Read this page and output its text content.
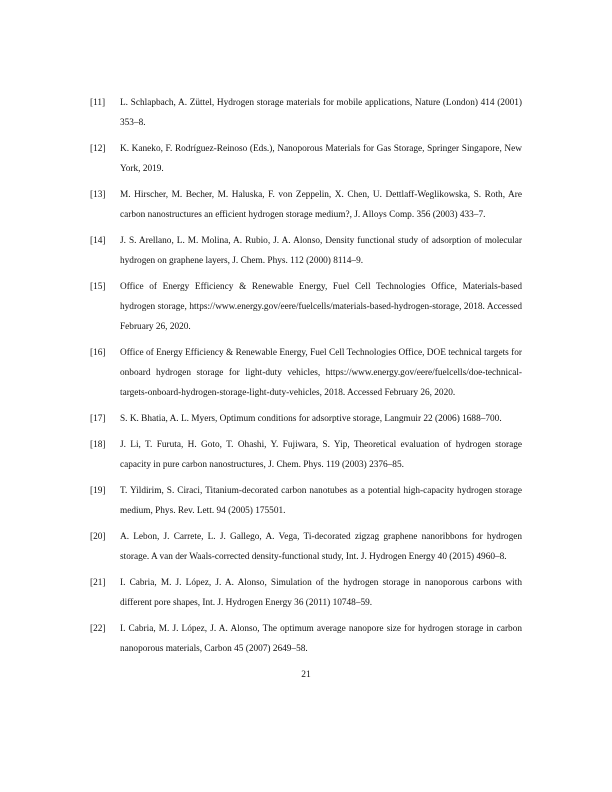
[11] L. Schlapbach, A. Züttel, Hydrogen storage materials for mobile applications, Nature (London) 414 (2001) 353–8.
[12] K. Kaneko, F. Rodríguez-Reinoso (Eds.), Nanoporous Materials for Gas Storage, Springer Singapore, New York, 2019.
[13] M. Hirscher, M. Becher, M. Haluska, F. von Zeppelin, X. Chen, U. Dettlaff-Weglikowska, S. Roth, Are carbon nanostructures an efficient hydrogen storage medium?, J. Alloys Comp. 356 (2003) 433–7.
[14] J. S. Arellano, L. M. Molina, A. Rubio, J. A. Alonso, Density functional study of adsorption of molecular hydrogen on graphene layers, J. Chem. Phys. 112 (2000) 8114–9.
[15] Office of Energy Efficiency & Renewable Energy, Fuel Cell Technologies Office, Materials-based hydrogen storage, https://www.energy.gov/eere/fuelcells/materials-based-hydrogen-storage, 2018. Accessed February 26, 2020.
[16] Office of Energy Efficiency & Renewable Energy, Fuel Cell Technologies Office, DOE technical targets for onboard hydrogen storage for light-duty vehicles, https://www.energy.gov/eere/fuelcells/doe-technical-targets-onboard-hydrogen-storage-light-duty-vehicles, 2018. Accessed February 26, 2020.
[17] S. K. Bhatia, A. L. Myers, Optimum conditions for adsorptive storage, Langmuir 22 (2006) 1688–700.
[18] J. Li, T. Furuta, H. Goto, T. Ohashi, Y. Fujiwara, S. Yip, Theoretical evaluation of hydrogen storage capacity in pure carbon nanostructures, J. Chem. Phys. 119 (2003) 2376–85.
[19] T. Yildirim, S. Ciraci, Titanium-decorated carbon nanotubes as a potential high-capacity hydrogen storage medium, Phys. Rev. Lett. 94 (2005) 175501.
[20] A. Lebon, J. Carrete, L. J. Gallego, A. Vega, Ti-decorated zigzag graphene nanoribbons for hydrogen storage. A van der Waals-corrected density-functional study, Int. J. Hydrogen Energy 40 (2015) 4960–8.
[21] I. Cabria, M. J. López, J. A. Alonso, Simulation of the hydrogen storage in nanoporous carbons with different pore shapes, Int. J. Hydrogen Energy 36 (2011) 10748–59.
[22] I. Cabria, M. J. López, J. A. Alonso, The optimum average nanopore size for hydrogen storage in carbon nanoporous materials, Carbon 45 (2007) 2649–58.
21
